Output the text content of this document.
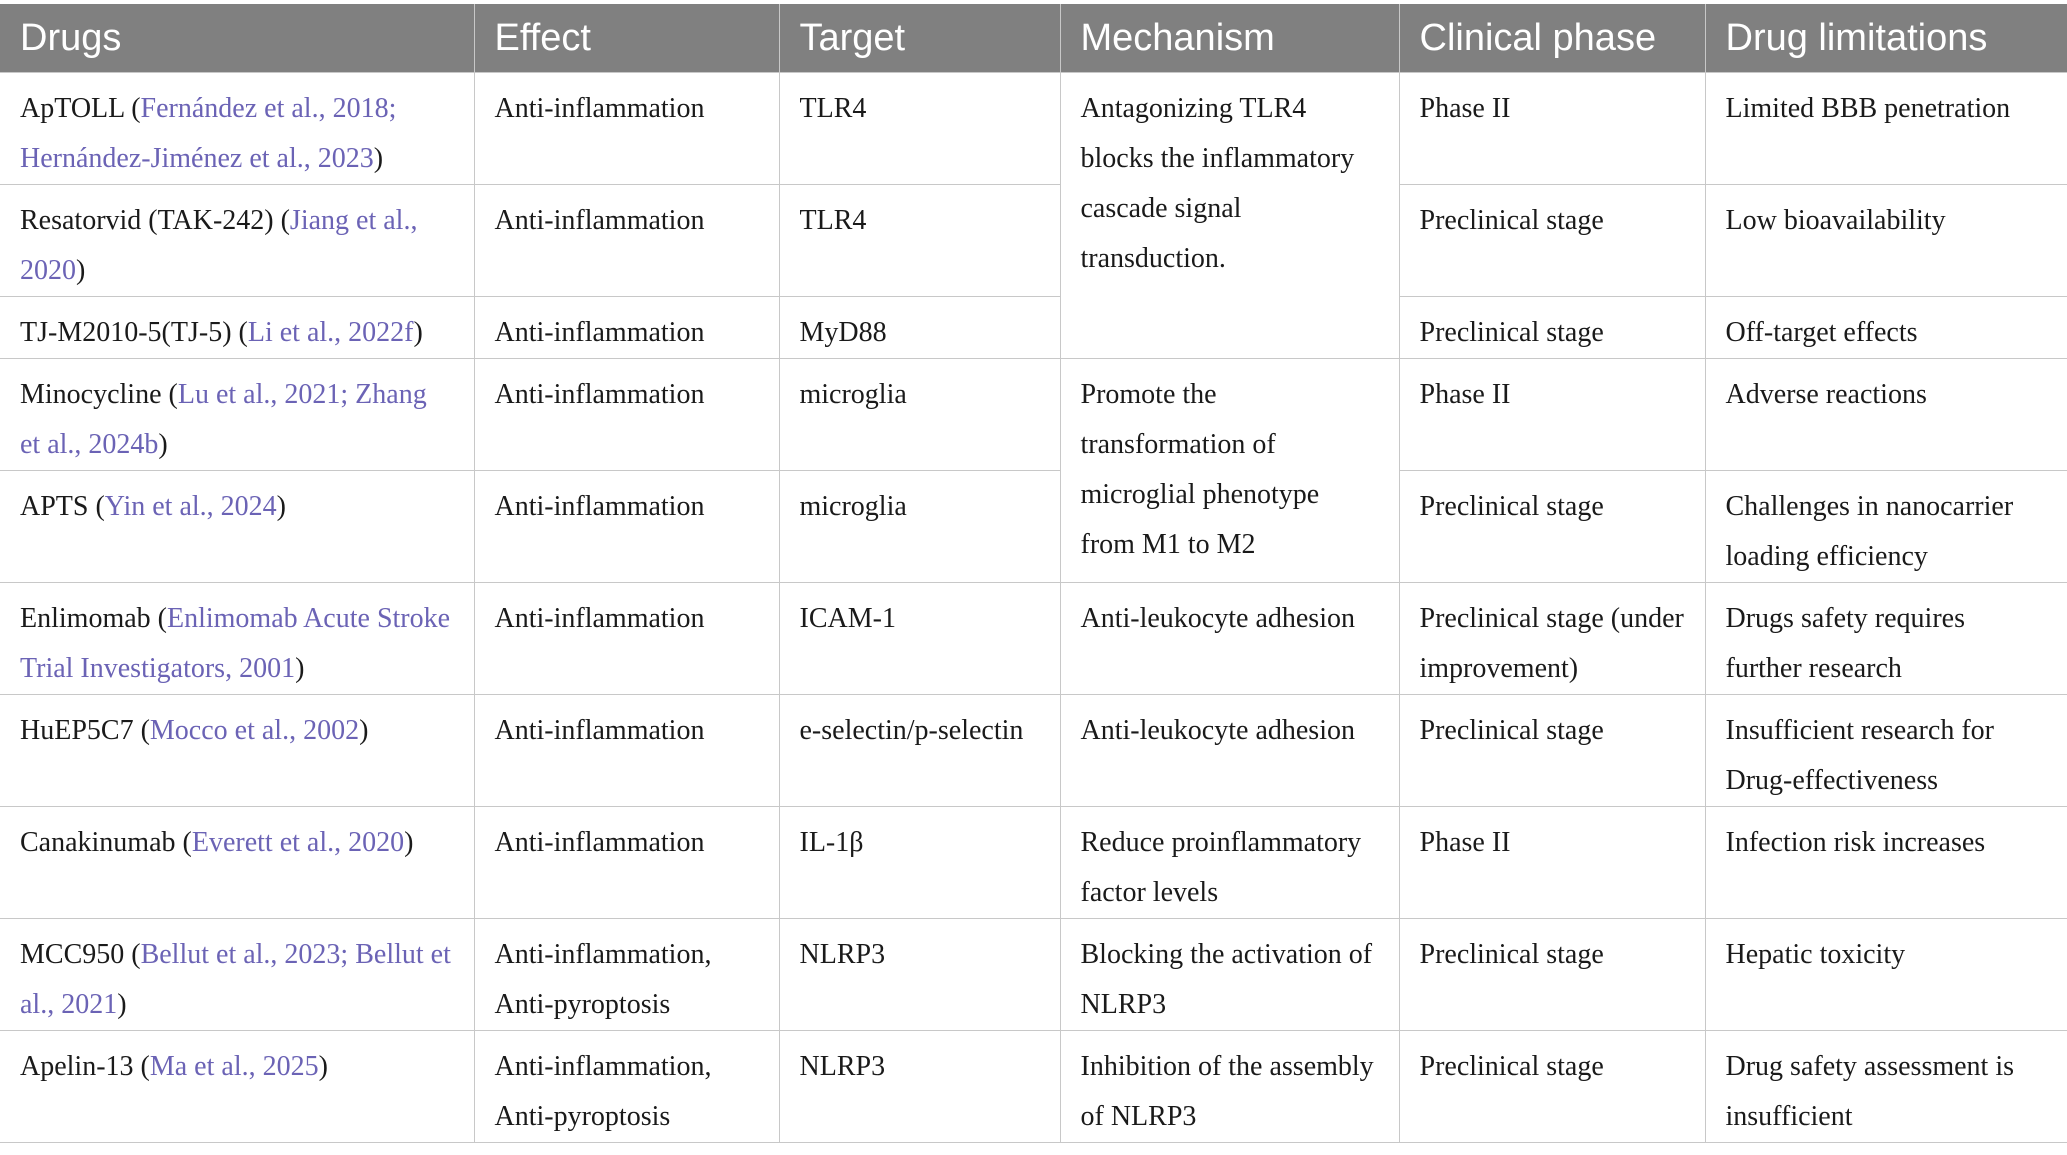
Drugs	Effect	Target	Mechanism	Clinical phase	Drug limitations
ApTOLL (Fernández et al., 2018; Hernández-Jiménez et al., 2023)	Anti-inflammation	TLR4	Antagonizing TLR4 blocks the inflammatory cascade signal transduction.	Phase II	Limited BBB penetration
Resatorvid (TAK-242) (Jiang et al., 2020)	Anti-inflammation	TLR4		Preclinical stage	Low bioavailability
TJ-M2010-5(TJ-5) (Li et al., 2022f)	Anti-inflammation	MyD88		Preclinical stage	Off-target effects
Minocycline (Lu et al., 2021; Zhang et al., 2024b)	Anti-inflammation	microglia	Promote the transformation of microglial phenotype from M1 to M2	Phase II	Adverse reactions
APTS (Yin et al., 2024)	Anti-inflammation	microglia		Preclinical stage	Challenges in nanocarrier loading efficiency
Enlimomab (Enlimomab Acute Stroke Trial Investigators, 2001)	Anti-inflammation	ICAM-1	Anti-leukocyte adhesion	Preclinical stage (under improvement)	Drugs safety requires further research
HuEP5C7 (Mocco et al., 2002)	Anti-inflammation	e-selectin/p-selectin	Anti-leukocyte adhesion	Preclinical stage	Insufficient research for Drug-effectiveness
Canakinumab (Everett et al., 2020)	Anti-inflammation	IL-1β	Reduce proinflammatory factor levels	Phase II	Infection risk increases
MCC950 (Bellut et al., 2023; Bellut et al., 2021)	Anti-inflammation, Anti-pyroptosis	NLRP3	Blocking the activation of NLRP3	Preclinical stage	Hepatic toxicity
Apelin-13 (Ma et al., 2025)	Anti-inflammation, Anti-pyroptosis	NLRP3	Inhibition of the assembly of NLRP3	Preclinical stage	Drug safety assessment is insufficient
